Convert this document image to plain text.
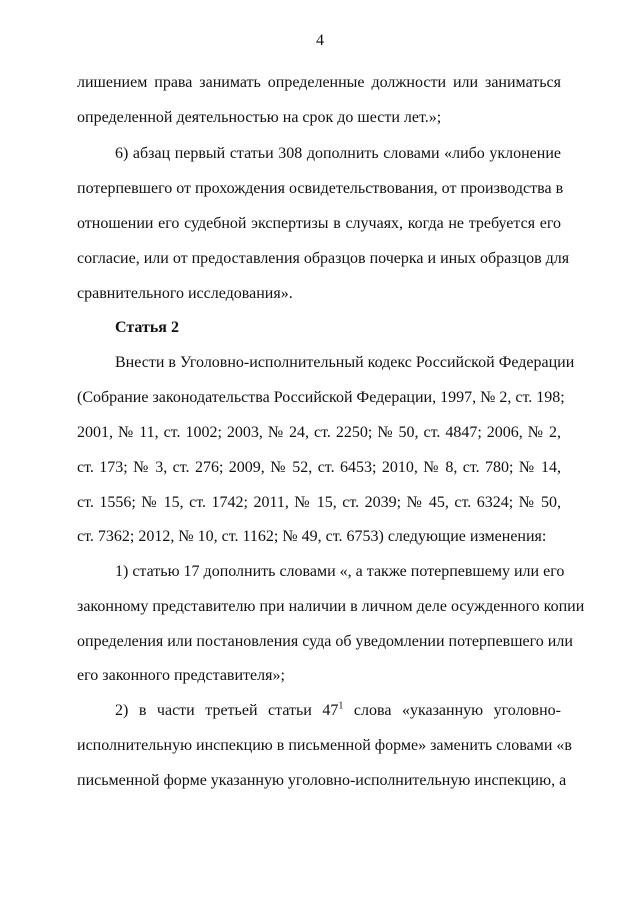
4
лишением права занимать определенные должности или заниматься
определенной деятельностью на срок до шести лет.»;
6) абзац первый статьи 308 дополнить словами «либо уклонение
потерпевшего от прохождения освидетельствования, от производства в
отношении его судебной экспертизы в случаях, когда не требуется его
согласие, или от предоставления образцов почерка и иных образцов для
сравнительного исследования».
Статья 2
Внести в Уголовно-исполнительный кодекс Российской Федерации
(Собрание законодательства Российской Федерации, 1997, № 2, ст. 198;
2001, № 11, ст. 1002; 2003, № 24, ст. 2250; № 50, ст. 4847; 2006, № 2,
ст. 173; № 3, ст. 276; 2009, № 52, ст. 6453; 2010, № 8, ст. 780; № 14,
ст. 1556; № 15, ст. 1742; 2011, № 15, ст. 2039; № 45, ст. 6324; № 50,
ст. 7362; 2012, № 10, ст. 1162; № 49, ст. 6753) следующие изменения:
1) статью 17 дополнить словами «, а также потерпевшему или его
законному представителю при наличии в личном деле осужденного копии
определения или постановления суда об уведомлении потерпевшего или
его законного представителя»;
2) в части третьей статьи $47^1$ слова «указанную уголовно-
исполнительную инспекцию в письменной форме» заменить словами «в
письменной форме указанную уголовно-исполнительную инспекцию, а
